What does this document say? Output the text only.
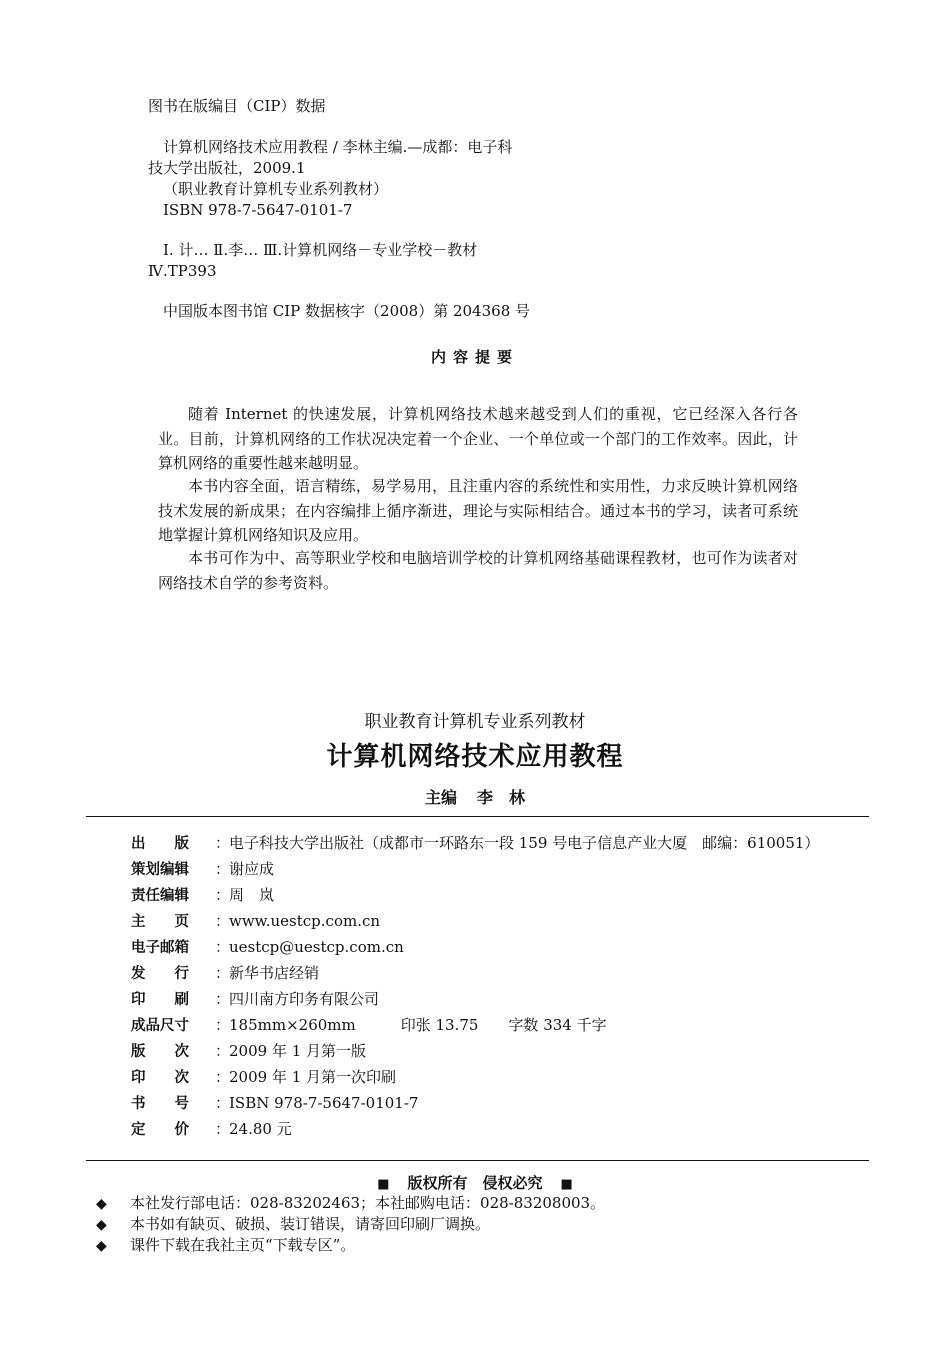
图书在版编目（CIP）数据
计算机网络技术应用教程 / 李林主编.—成都：电子科
技大学出版社，2009.1
（职业教育计算机专业系列教材）
ISBN 978-7-5647-0101-7
I. 计… Ⅱ.李… Ⅲ.计算机网络－专业学校－教材
Ⅳ.TP393
中国版本图书馆 CIP 数据核字（2008）第 204368 号
内容提要
随着 Internet 的快速发展，计算机网络技术越来越受到人们的重视，它已经深入各行各业。目前，计算机网络的工作状况决定着一个企业、一个单位或一个部门的工作效率。因此，计算机网络的重要性越来越明显。
本书内容全面，语言精练，易学易用，且注重内容的系统性和实用性，力求反映计算机网络技术发展的新成果；在内容编排上循序渐进，理论与实际相结合。通过本书的学习，读者可系统地掌握计算机网络知识及应用。
本书可作为中、高等职业学校和电脑培训学校的计算机网络基础课程教材，也可作为读者对网络技术自学的参考资料。
职业教育计算机专业系列教材
计算机网络技术应用教程
主编 李　林
出　　版 ：电子科技大学出版社（成都市一环路东一段 159 号电子信息产业大厦　邮编：610051）
策划编辑 ：谢应成
责任编辑 ：周　岚
主　　页 ：www.uestcp.com.cn
电子邮箱 ：uestcp@uestcp.com.cn
发　　行 ：新华书店经销
印　　刷 ：四川南方印务有限公司
成品尺寸 ：185mm×260mm　　　印张 13.75　　字数 334 千字
版　　次 ：2009 年 1 月第一版
印　　次 ：2009 年 1 月第一次印刷
书　　号 ：ISBN 978-7-5647-0101-7
定　　价 ：24.80 元
■ 版权所有　侵权必究 ■
◆ 本社发行部电话：028-83202463；本社邮购电话：028-83208003。
◆ 本书如有缺页、破损、装订错误，请寄回印刷厂调换。
◆ 课件下载在我社主页“下载专区”。
